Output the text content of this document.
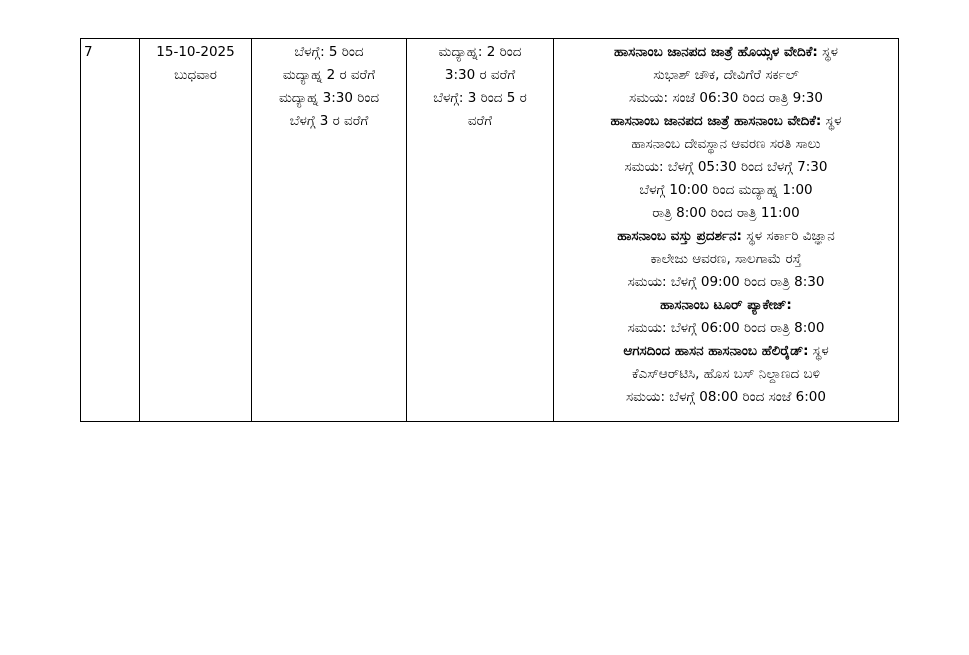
7	15-10-2025
ಬುಧವಾರ

ಬೆಳಗ್ಗೆ: 5 ರಿಂದ
ಮದ್ಯಾಹ್ನ 2 ರ ವರೆಗೆ
ಮದ್ಯಾಹ್ನ 3:30 ರಿಂದ
ಬೆಳಗ್ಗೆ 3 ರ ವರೆಗೆ

ಮದ್ಯಾಹ್ನ: 2 ರಿಂದ
3:30 ರ ವರೆಗೆ
ಬೆಳಗ್ಗೆ: 3 ರಿಂದ 5 ರ
ವರೆಗೆ

ಹಾಸನಾಂಬ ಜಾನಪದ ಜಾತ್ರೆ ಹೊಯ್ಸಳ ವೇದಿಕೆ: ಸ್ಥಳ
ಸುಭಾಶ್ ಚೌಕ, ದೇವಿಗೆರೆ ಸರ್ಕಲ್
ಸಮಯ: ಸಂಜೆ 06:30 ರಿಂದ ರಾತ್ರಿ 9:30
ಹಾಸನಾಂಬ ಜಾನಪದ ಜಾತ್ರೆ ಹಾಸನಾಂಬ ವೇದಿಕೆ: ಸ್ಥಳ
ಹಾಸನಾಂಬ ದೇವಸ್ಥಾನ ಆವರಣ ಸರತಿ ಸಾಲು
ಸಮಯ: ಬೆಳಗ್ಗೆ 05:30 ರಿಂದ ಬೆಳಗ್ಗೆ 7:30
ಬೆಳಗ್ಗೆ 10:00 ರಿಂದ ಮದ್ಯಾಹ್ನ 1:00
ರಾತ್ರಿ 8:00 ರಿಂದ ರಾತ್ರಿ 11:00
ಹಾಸನಾಂಬ ವಸ್ತು ಪ್ರದರ್ಶನ: ಸ್ಥಳ ಸರ್ಕಾರಿ ವಿಜ್ಞಾನ
ಕಾಲೇಜು ಆವರಣ, ಸಾಲಗಾಮೆ ರಸ್ತೆ
ಸಮಯ: ಬೆಳಗ್ಗೆ 09:00 ರಿಂದ ರಾತ್ರಿ 8:30
ಹಾಸನಾಂಬ ಟೂರ್ ಪ್ಯಾಕೇಜ್:
ಸಮಯ: ಬೆಳಗ್ಗೆ 06:00 ರಿಂದ ರಾತ್ರಿ 8:00
ಆಗಸದಿಂದ ಹಾಸನ ಹಾಸನಾಂಬ ಹೆಲಿರೈಡ್: ಸ್ಥಳ
ಕೆಎಸ್‌ಆರ್‌ಟಿಸಿ, ಹೊಸ ಬಸ್ ನಿಲ್ದಾಣದ ಬಳಿ
ಸಮಯ: ಬೆಳಗ್ಗೆ 08:00 ರಿಂದ ಸಂಜೆ 6:00
